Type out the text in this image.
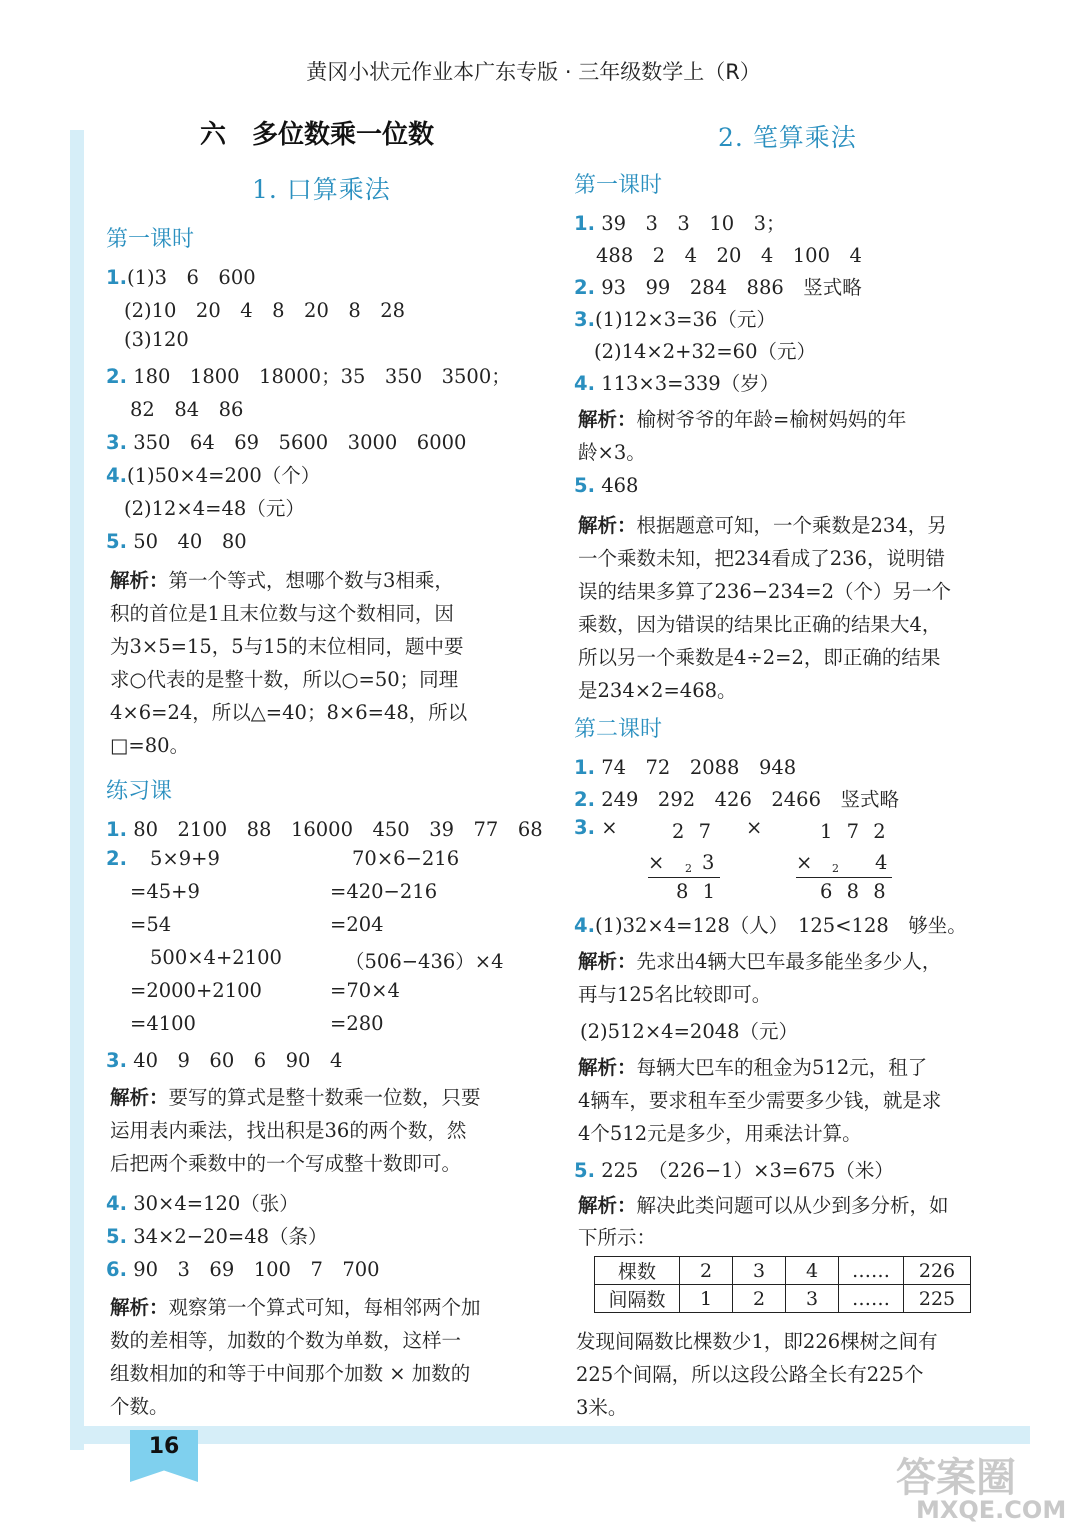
黄冈小状元作业本广东专版 · 三年级数学上（R）
16
六　多位数乘一位数
1. 口算乘法
第一课时
1.(1)3　6　600
(2)10　20　4　8　20　8　28
(3)120
2. 180　1800　18000；35　350　3500；
82　84　86
3. 350　64　69　5600　3000　6000
4.(1)50×4=200（个）
(2)12×4=48（元）
5. 50　40　80
解析：第一个等式，想哪个数与3相乘，
积的首位是1且末位数与这个数相同，因
为3×5=15，5与15的末位相同，题中要
求○代表的是整十数，所以○=50；同理
4×6=24，所以△=40；8×6=48，所以
□=80。
练习课
1. 80　2100　88　16000　450　39　77　68
2. 5×9+9
=45+9
=54
70×6−216
=420−216
=204
500×4+2100
=2000+2100
=4100
（506−436）×4
=70×4
=280
3. 40　9　60　6　90　4
解析：要写的算式是整十数乘一位数，只要
运用表内乘法，找出积是36的两个数，然
后把两个乘数中的一个写成整十数即可。
4. 30×4=120（张）
5. 34×2−20=48（条）
6. 90　3　69　100　7　700
解析：观察第一个算式可知，每相邻两个加
数的差相等，加数的个数为单数，这样一
组数相加的和等于中间那个加数 × 加数的
个数。
2. 笔算乘法
第一课时
1. 39　3　3　10　3；
488　2　4　20　4　100　4
2. 93　99　284　886　竖式略
3.(1)12×3=36（元）
(2)14×2+32=60（元）
4. 113×3=339（岁）
解析：榆树爷爷的年龄=榆树妈妈的年
龄×3。
5. 468
解析：根据题意可知，一个乘数是234，另
一个乘数未知，把234看成了236，说明错
误的结果多算了236−234=2（个）另一个
乘数，因为错误的结果比正确的结果大4，
所以另一个乘数是4÷2=2，即正确的结果
是234×2=468。
第二课时
1. 74　72　2088　948
2. 249　292　426　2466　竖式略
3. ×	2 7
× 2 3
8 1
×	1 7 2
× 2 4
6 8 8
4.(1)32×4=128（人）　125<128　够坐。
解析：先求出4辆大巴车最多能坐多少人，
再与125名比较即可。
(2)512×4=2048（元）
解析：每辆大巴车的租金为512元，租了
4辆车，要求租车至少需要多少钱，就是求
4个512元是多少，用乘法计算。
5. 225　（226−1）×3=675（米）
解析：解决此类问题可以从少到多分析，如
下所示：
棵数	2	3	4	……	226
间隔数	1	2	3	……	225
发现间隔数比棵数少1，即226棵树之间有
225个间隔，所以这段公路全长有225个
3米。
答案圈
MXQE.COM
